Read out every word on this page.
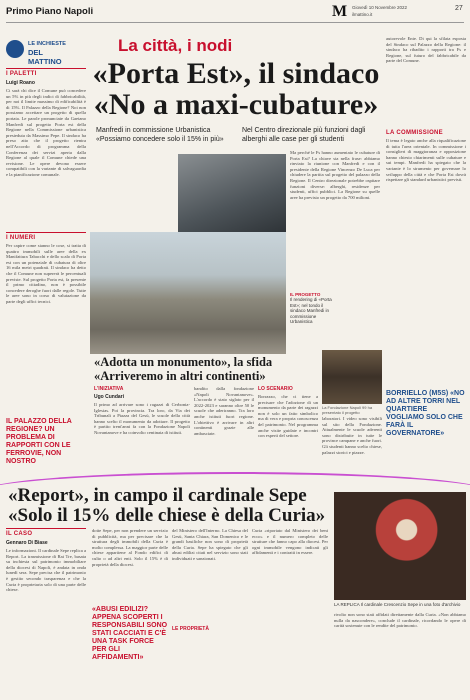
Primo Piano Napoli	M Giovedì 10 Novembre 2022
ilmattino.it
27
La città, i nodi
LE INCHIESTE
DEL MATTINO
I PALETTI
Luigi Roano
Ci sarà chi dice il Comune può concedere un 5% in più degli indici di fabbricabilità, per noi il limite massimo di edificabilità è di 15%. Il Palazzo della Regione? Noi non possiamo accettare un progetto di quella portata. Le parole pronunciate da Gaetano Manfredi sul progetto Porta est della Regione nella Commissione urbanistica presieduta da Massimo Pepe. Il sindaco ha preso atto che il progetto rientra nell'Accordo di programma della Conferenza dei servizi aperta dalla Regione al quale il Comune chiede una revisione. Le opere devono essere compatibili con la variante di salvaguardia e la pianificazione comunale.
I NUMERI
Per capire come stanno le cose, si tratta di quattro immobili sulle aree della ex Manifattura Tabacchi e dello scalo di Porta est con un potenziale di cubatura di oltre 16 mila metri quadrati. Il sindaco ha detto che il Comune non supererà le percentuali previste. Sul progetto Porta est, fa presente il primo cittadino, non è possibile concedere deroghe fuori dalle regole. Tutte le aree sono in corso di valutazione da parte degli uffici tecnici.
IL PALAZZO DELLA REGIONE? UN PROBLEMA DI RAPPORTI CON LE FERROVIE, NON NOSTRO
«Porta Est», il sindaco
«No a maxi-cubature»
Manfredi in commissione Urbanistica «Possiamo concedere solo il 15% in più»
Nel Centro direzionale più funzioni dagli alberghi alle case per gli studenti
IL PROGETTO
Il rendering di «Porta Est»; nel tondo il sindaco Manfredi in commissione Urbanistica
Ma perché le Fs hanno aumentato le cubature di Porta Est? La chiave sta nella frase: abbiamo rinviato la riunione con Manfredi e con il presidente della Regione Vincenzo De Luca per chiudere la partita sul progetto del palazzo della Regione. Il Centro direzionale potrebbe ospitare funzioni diverse: alberghi, residenze per studenti, uffici pubblici. La Regione su quelle aree ha previsto un progetto da 700 milioni.
autorevole Ente. Di qui la sfilata esposta del Sindaco sul Palazzo della Regione: il sindaco ha ribadito i rapporti tra Fs e Regione, sul futuro del fabbricabile da parte del Comune.
LA COMMISSIONE
Il tema è legato anche alla riqualificazione di tutta l'area orientale. In commissione i consiglieri di maggioranza e opposizione hanno chiesto chiarimenti sulle cubature e sui tempi. Manfredi ha spiegato che la variante è lo strumento per governare lo sviluppo della città e che Porta Est dovrà rispettare gli standard urbanistici previsti.
BORRIELLO (M5S) «NO AD ALTRE TORRI NEL QUARTIERE VOGLIAMO SOLO CHE FARÀ IL GOVERNATORE»
«Adotta un monumento», la sfida
«Arriveremo in altri continenti»
L'INIZIATIVA
Ugo Cundari
Il primo ad arrivare sono i ragazzi di Cerbonia-Iglesias. Poi la provincia. Tra loro, da Via dei Tribunali a Piazza del Gesù, le scuole della città hanno scelto il monumento da adottare. Il progetto è partito trent'anni fa con la Fondazione Napoli Novantanove e ha coinvolto centinaia di istituti.
bandito dalla fondazione «Napoli Novantanove». L'accordo è stato siglato per il 2022-2023 e saranno oltre 50 le scuole che aderiranno. Tra loro anche istituti fuori regione. L'obiettivo è arrivare in altri continenti grazie alle ambasciate.
LO SCENARIO
Borrazzo, che ci tiene a precisare che l'adozione di un monumento da parte dei ragazzi non è solo un fatto simbolico ma di vera e propria conoscenza del patrimonio. Nel programma anche visite guidate e incontri con esperti del settore.
La Fondazione Napoli 99 ha presentato il progetto
laboratori. I video sono visibili sul sito della Fondazione. Attualmente le scuole aderenti sono distribuite in tutte le province campane e anche fuori. Gli studenti hanno scelto chiese, palazzi storici e piazze.
«Report», in campo il cardinale Sepe
«Solo il 15% delle chiese è della Curia»
IL CASO
Gennaro Di Biase
Le informazioni. Il cardinale Sepe replica a Report. La trasmissione di Rai Tre, basata su inchiesta sul patrimonio immobiliare della diocesi di Napoli, è andata in onda lunedì sera. Sepe precisa che il patrimonio è gestito secondo trasparenza e che la Curia è proprietaria solo di una parte delle chiese.
dotte Sepe, per non prendere un servizio di pubblicità, ma per precisare che la struttura degli immobili della Curia è molto complessa. La maggior parte delle chiese appartiene al Fondo edifici di culto o ad altri enti. Solo il 15% è di proprietà della diocesi.
«ABUSI EDILIZI? APPENA SCOPERTI I RESPONSABILI SONO STATI CACCIATI E C'È UNA TASK FORCE PER GLI AFFIDAMENTI»
del Ministero dell'Interno. La Chiesa del Gesù, Santa Chiara, San Domenico e le grandi basiliche non sono di proprietà della Curia. Sepe ha spiegato che gli abusi edilizi citati nel servizio sono stati individuati e sanzionati.
LE PROPRIETÀ
Curia «riportato dal Ministero dei beni ecco» e il numero completo delle strutture che fanno capo alla diocesi. Per ogni immobile vengono indicati gli affidamenti e i contratti in essere.
LA REPLICA Il cardinale Crescenzio Sepe in una foto d'archivio
rivolto non sono stati affidati direttamente dalla Curia. «Non abbiamo nulla da nascondere», conclude il cardinale, ricordando le opere di carità sostenute con le rendite del patrimonio.
